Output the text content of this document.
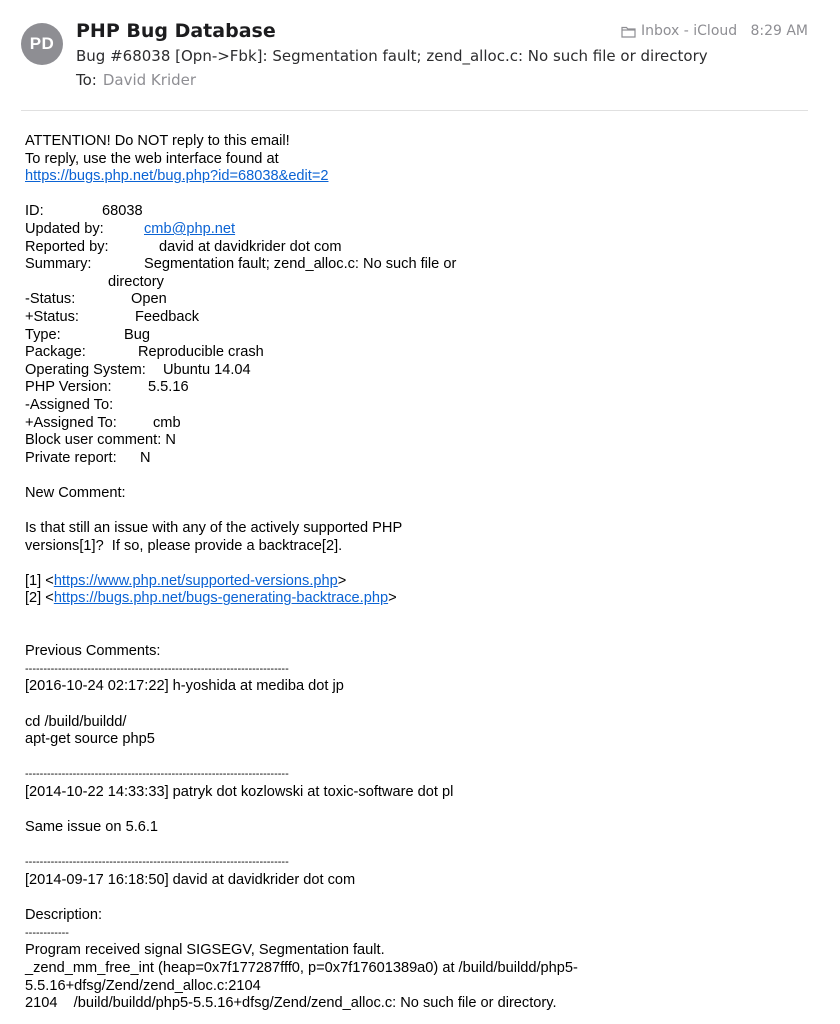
PD
PHP Bug Database
Bug #68038 [Opn->Fbk]: Segmentation fault; zend_alloc.c: No such file or directory
To: David Krider
Inbox - iCloud 8:29 AM
ATTENTION! Do NOT reply to this email!
To reply, use the web interface found at
https://bugs.php.net/bug.php?id=68038&edit=2
ID:	68038
Updated by:	cmb@php.net
Reported by:	david at davidkrider dot com
Summary:	Segmentation fault; zend_alloc.c: No such file or
directory
-Status:	Open
+Status:	Feedback
Type:	Bug
Package:	Reproducible crash
Operating System: Ubuntu 14.04
PHP Version: 5.5.16
-Assigned To:
+Assigned To: cmb
Block user comment: N
Private report: N
New Comment:
Is that still an issue with any of the actively supported PHP
versions[1]?  If so, please provide a backtrace[2].
[1] <https://www.php.net/supported-versions.php>
[2] <https://bugs.php.net/bugs-generating-backtrace.php>
Previous Comments:
------------------------------------------------------------------------
[2016-10-24 02:17:22] h-yoshida at mediba dot jp
cd /build/buildd/
apt-get source php5
------------------------------------------------------------------------
[2014-10-22 14:33:33] patryk dot kozlowski at toxic-software dot pl
Same issue on 5.6.1
------------------------------------------------------------------------
[2014-09-17 16:18:50] david at davidkrider dot com
Description:
------------
Program received signal SIGSEGV, Segmentation fault.
_zend_mm_free_int (heap=0x7f177287fff0, p=0x7f17601389a0) at /build/buildd/php5-
5.5.16+dfsg/Zend/zend_alloc.c:2104
2104    /build/buildd/php5-5.5.16+dfsg/Zend/zend_alloc.c: No such file or directory.
